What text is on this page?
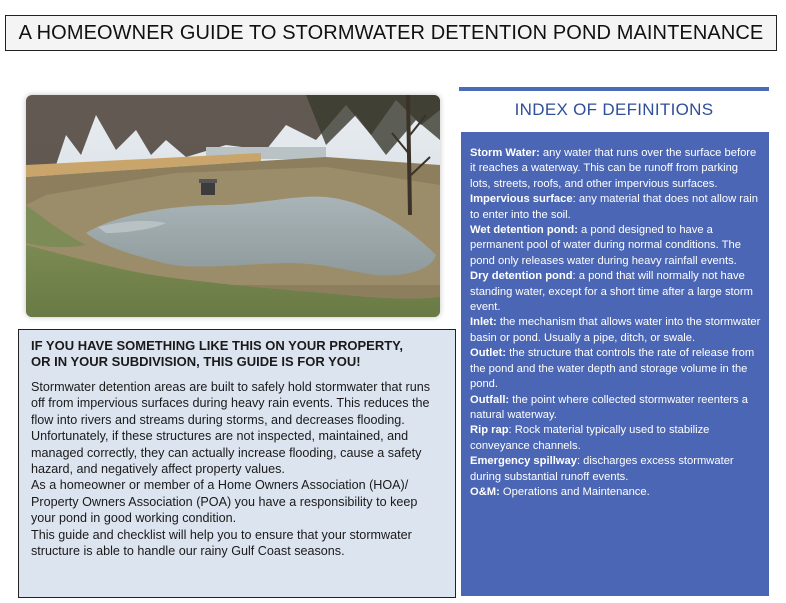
A HOMEOWNER GUIDE TO STORMWATER DETENTION POND MAINTENANCE

IF YOU HAVE SOMETHING LIKE THIS ON YOUR PROPERTY,
OR IN YOUR SUBDIVISION, THIS GUIDE IS FOR YOU!

Stormwater detention areas are built to safely hold stormwater that runs off from impervious surfaces during heavy rain events. This reduces the flow into rivers and streams during storms, and decreases flooding.

Unfortunately, if these structures are not inspected, maintained, and managed correctly, they can actually increase flooding, cause a safety hazard, and negatively affect property values.

As a homeowner or member of a Home Owners Association (HOA)/ Property Owners Association (POA) you have a responsibility to keep your pond in good working condition.

This guide and checklist will help you to ensure that your stormwater structure is able to handle our rainy Gulf Coast seasons.

INDEX OF DEFINITIONS

Storm Water: any water that runs over the surface before it reaches a waterway. This can be runoff from parking lots, streets, roofs, and other impervious surfaces.

Impervious surface: any material that does not allow rain to enter into the soil.

Wet detention pond: a pond designed to have a permanent pool of water during normal conditions. The pond only releases water during heavy rainfall events.

Dry detention pond: a pond that will normally not have standing water, except for a short time after a large storm event.

Inlet: the mechanism that allows water into the stormwater basin or pond. Usually a pipe, ditch, or swale.

Outlet: the structure that controls the rate of release from the pond and the water depth and storage volume in the pond.

Outfall: the point where collected stormwater reenters a natural waterway.

Rip rap: Rock material typically used to stabilize conveyance channels.

Emergency spillway: discharges excess stormwater during substantial runoff events.

O&M: Operations and Maintenance.
